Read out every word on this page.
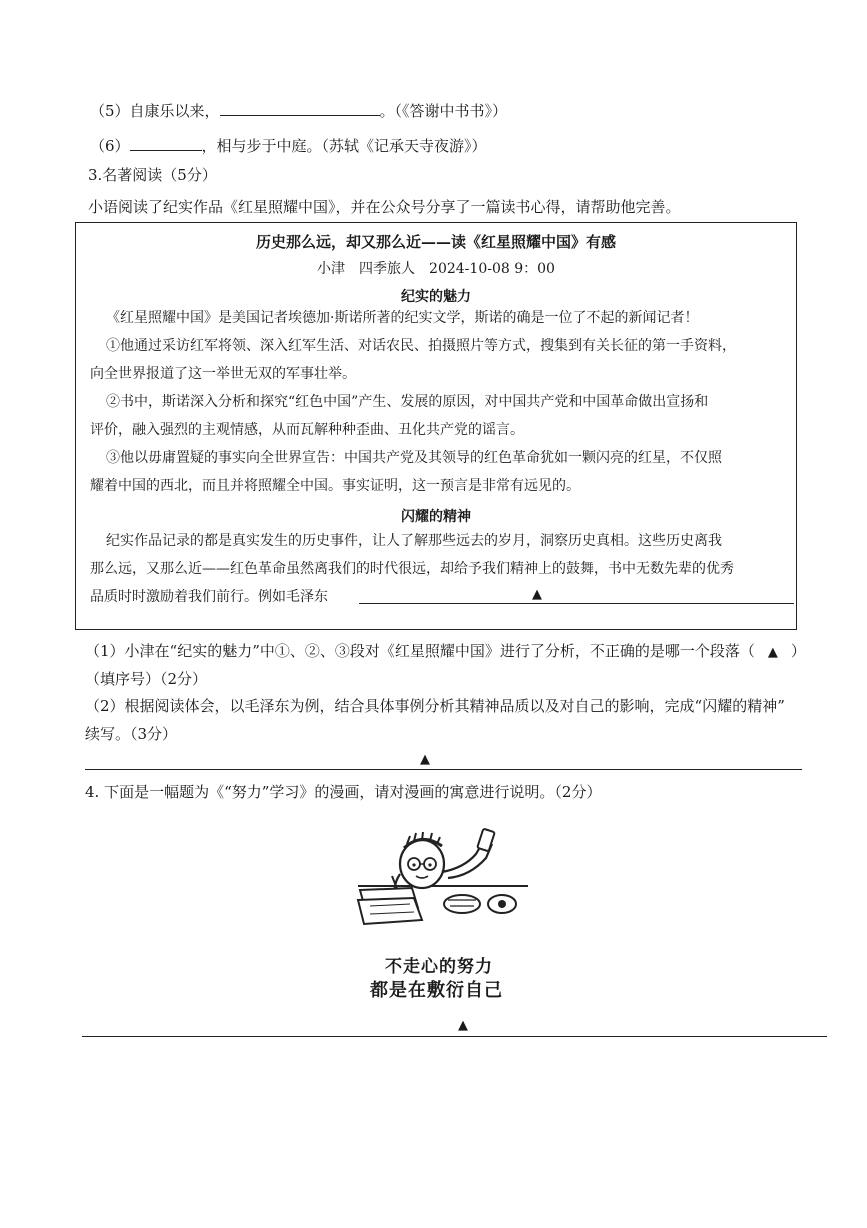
（5）自康乐以来，	。（《答谢中书书》）
（6）	，相与步于中庭。（苏轼《记承天寺夜游》）
3.名著阅读（5分）
小语阅读了纪实作品《红星照耀中国》，并在公众号分享了一篇读书心得，请帮助他完善。
历史那么远，却又那么近——读《红星照耀中国》有感
小津　四季旅人　2024-10-08 9：00
纪实的魅力
《红星照耀中国》是美国记者埃德加·斯诺所著的纪实文学，斯诺的确是一位了不起的新闻记者！
①他通过采访红军将领、深入红军生活、对话农民、拍摄照片等方式，搜集到有关长征的第一手资料，
向全世界报道了这一举世无双的军事壮举。
②书中，斯诺深入分析和探究“红色中国”产生、发展的原因，对中国共产党和中国革命做出宣扬和
评价，融入强烈的主观情感，从而瓦解种种歪曲、丑化共产党的谣言。
③他以毋庸置疑的事实向全世界宣告：中国共产党及其领导的红色革命犹如一颗闪亮的红星，不仅照
耀着中国的西北，而且并将照耀全中国。事实证明，这一预言是非常有远见的。
闪耀的精神
纪实作品记录的都是真实发生的历史事件，让人了解那些远去的岁月，洞察历史真相。这些历史离我
那么远，又那么近——红色革命虽然离我们的时代很远，却给予我们精神上的鼓舞，书中无数先辈的优秀
品质时时激励着我们前行。例如毛泽东	▲
（1）小津在“纪实的魅力”中①、②、③段对《红星照耀中国》进行了分析，不正确的是哪一个段落（ ▲ ）
（填序号）（2分）
（2）根据阅读体会，以毛泽东为例，结合具体事例分析其精神品质以及对自己的影响，完成“闪耀的精神”
续写。（3分）
▲
4. 下面是一幅题为《“努力”学习》的漫画，请对漫画的寓意进行说明。（2分）
不走心的努力
都是在敷衍自己
▲
